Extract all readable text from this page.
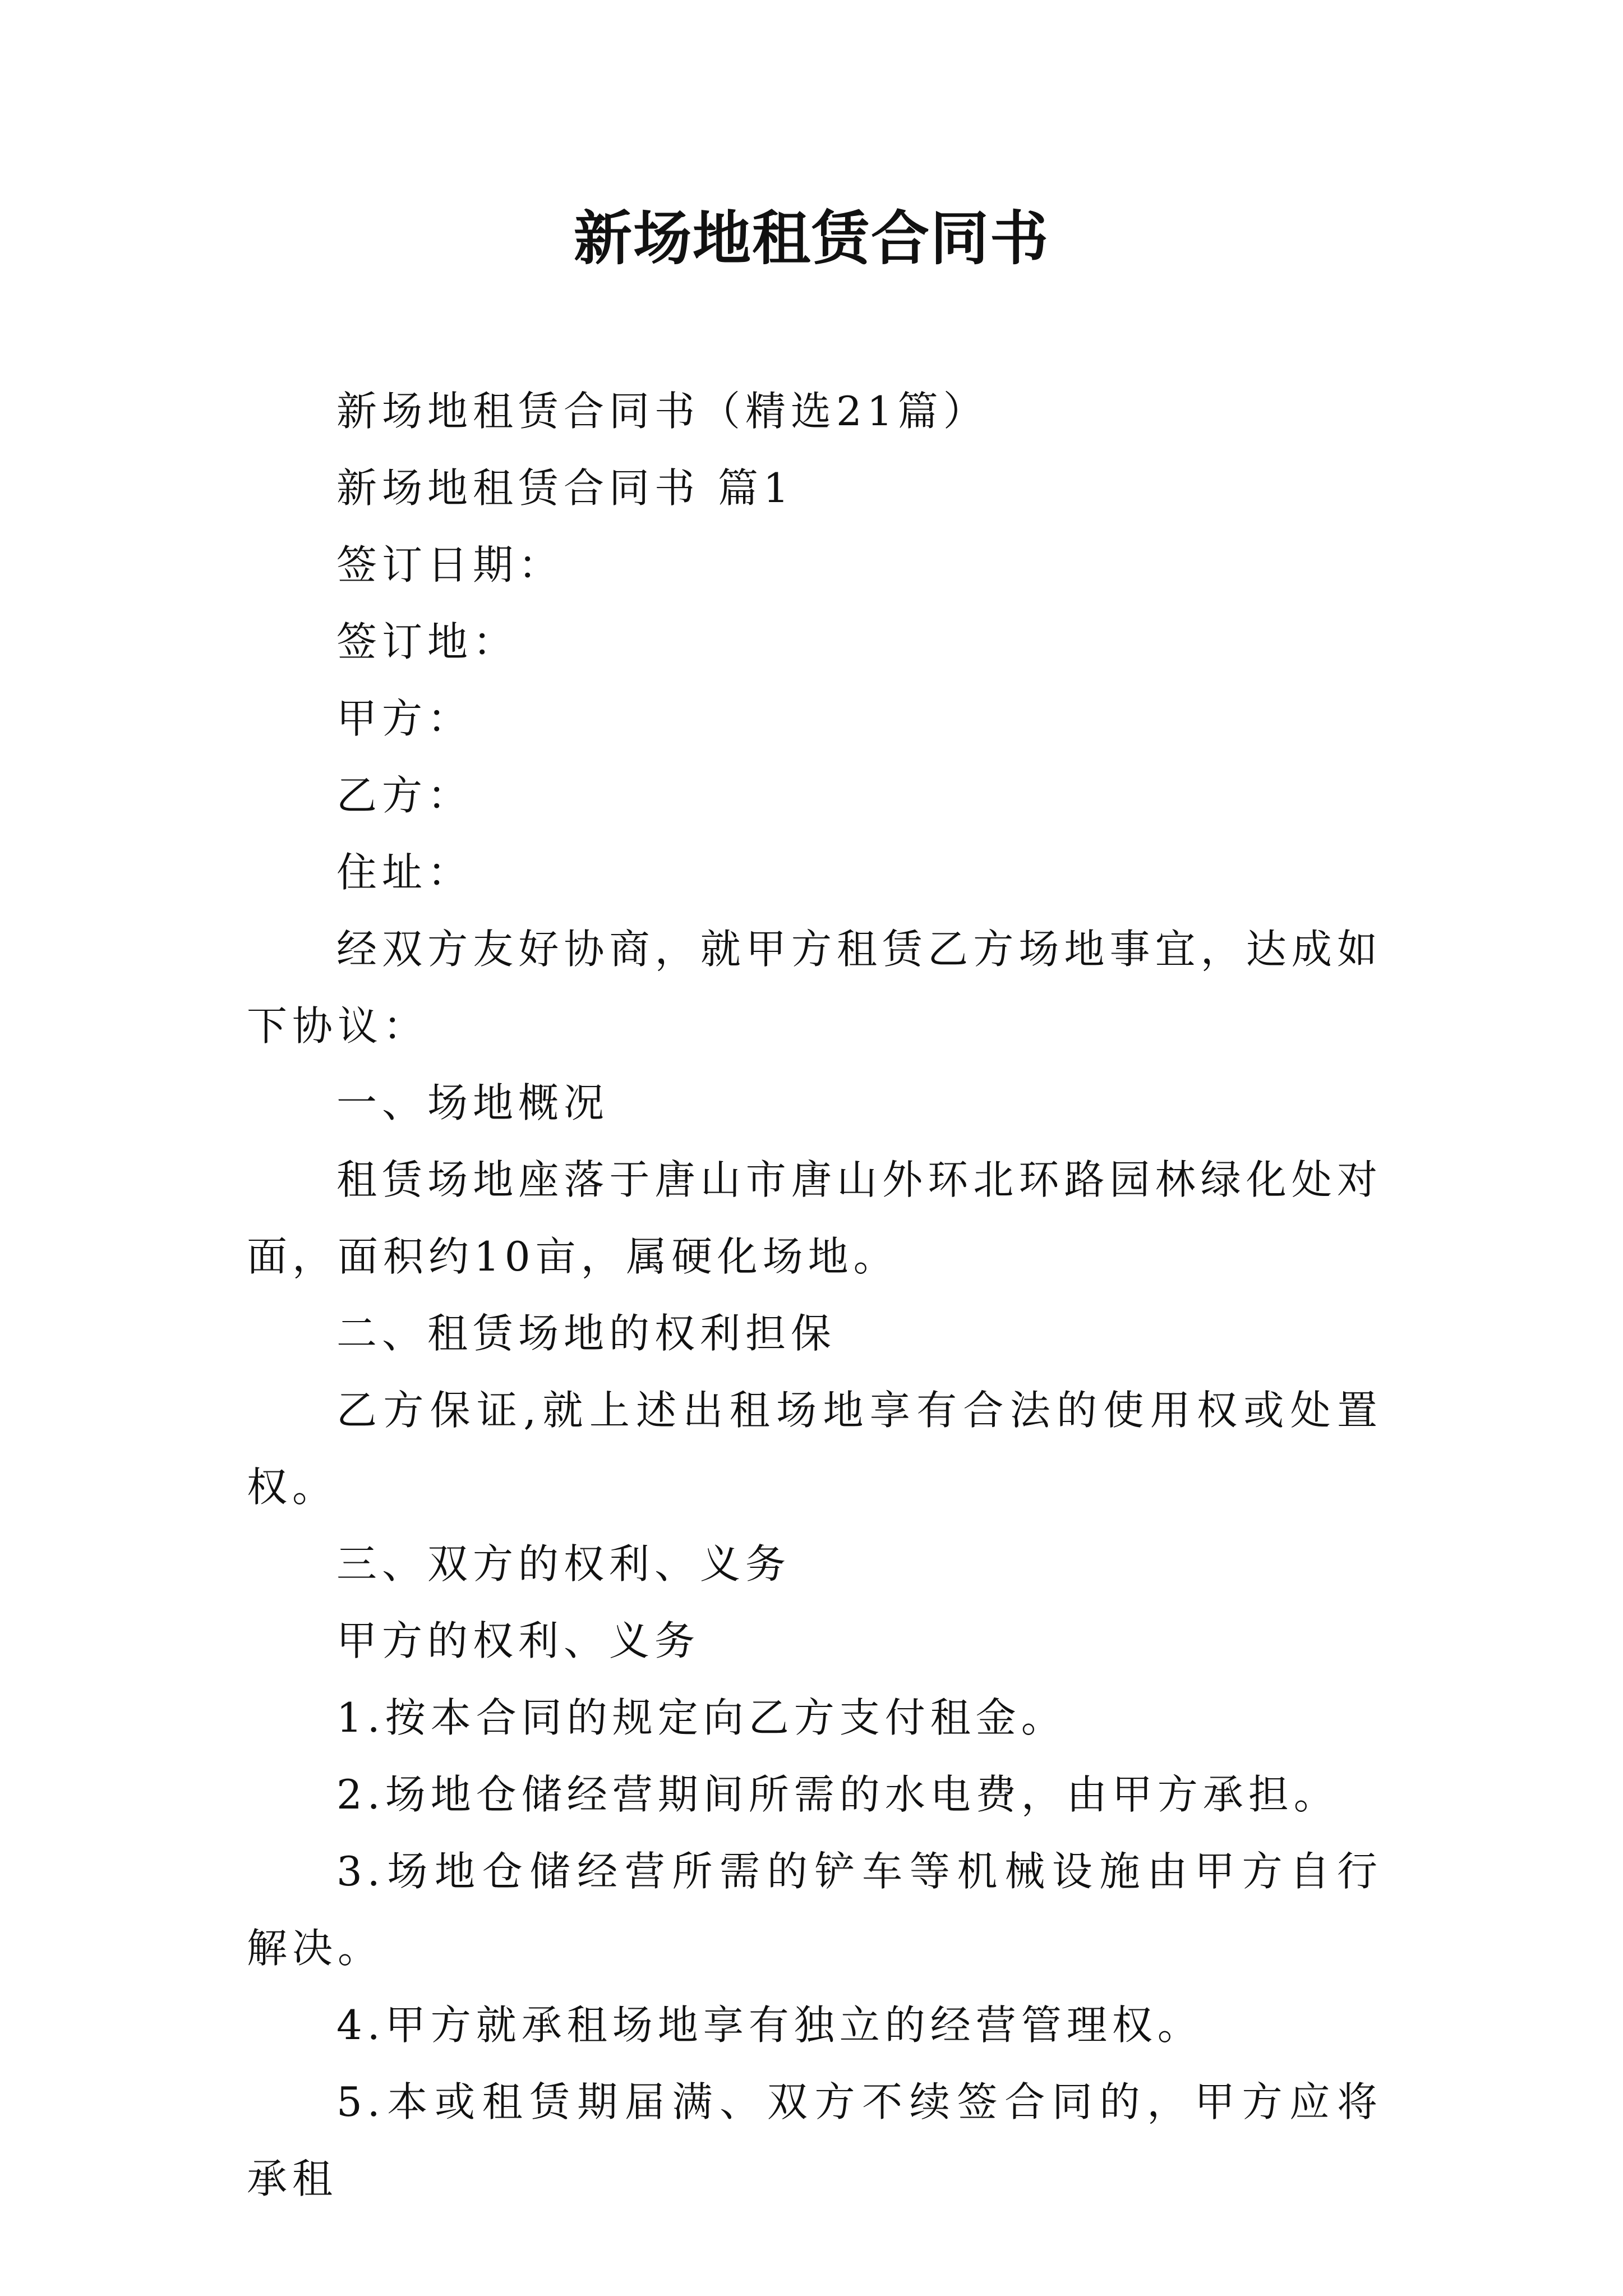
新场地租赁合同书

新场地租赁合同书（精选21篇）

新场地租赁合同书 篇1

签订日期：

签订地：

甲方：

乙方：

住址：

经双方友好协商，就甲方租赁乙方场地事宜，达成如下协议：

一、场地概况

租赁场地座落于唐山市唐山外环北环路园林绿化处对面，面积约10亩，属硬化场地。

二、租赁场地的权利担保

乙方保证,就上述出租场地享有合法的使用权或处置权。

三、双方的权利、义务

甲方的权利、义务

1.按本合同的规定向乙方支付租金。

2.场地仓储经营期间所需的水电费，由甲方承担。

3.场地仓储经营所需的铲车等机械设施由甲方自行解决。

4.甲方就承租场地享有独立的经营管理权。

5.本或租赁期届满、双方不续签合同的，甲方应将承租
